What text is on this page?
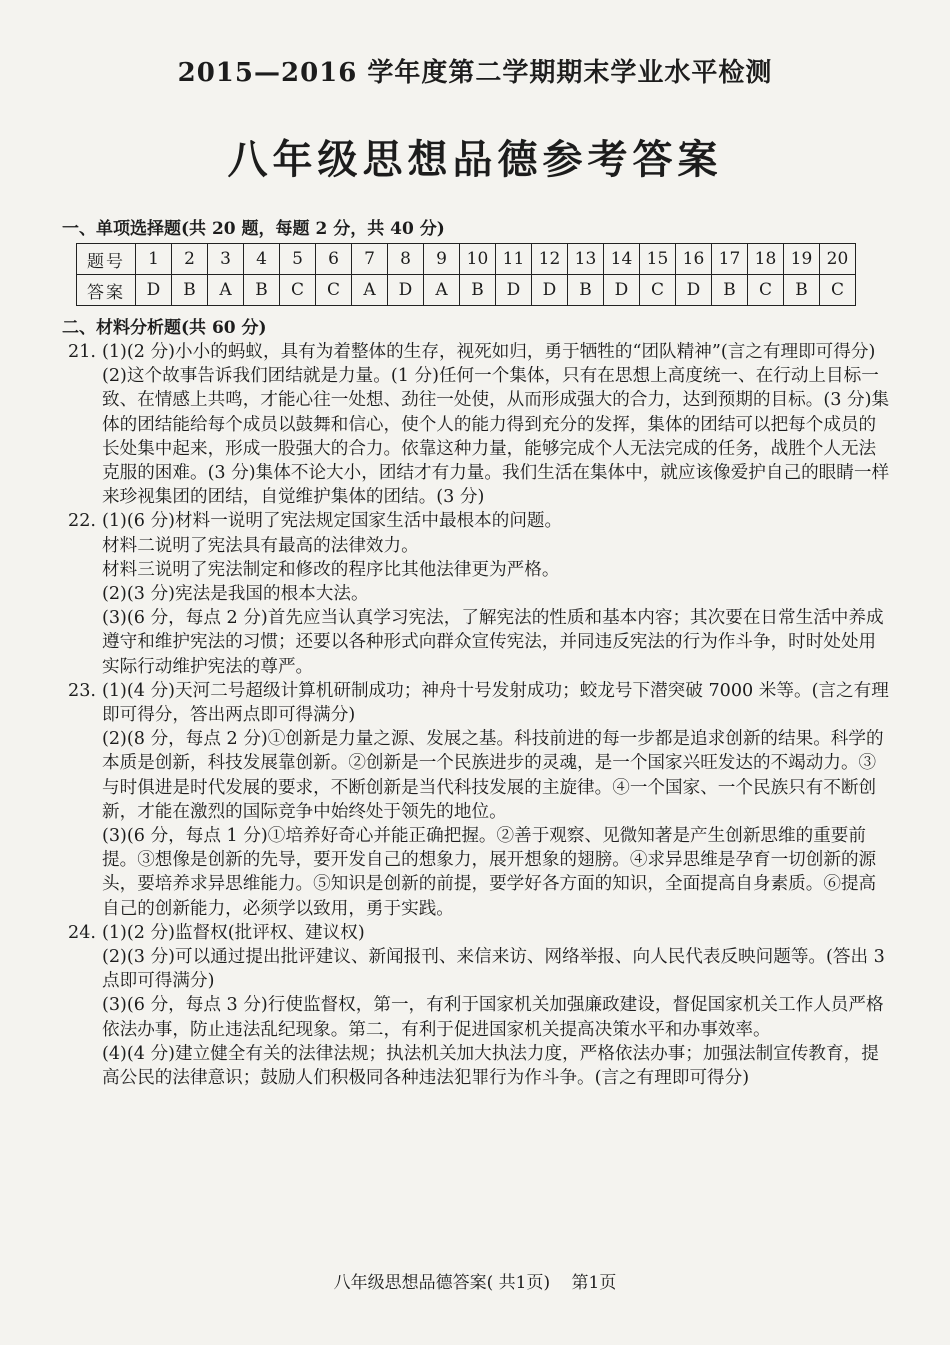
2015—2016 学年度第二学期期末学业水平检测
八年级思想品德参考答案
一、单项选择题(共 20 题，每题 2 分，共 40 分)
题号	1	2	3	4	5	6	7	8	9	10	11	12	13	14	15	16	17	18	19	20
答案	D	B	A	B	C	C	A	D	A	B	D	D	B	D	C	D	B	C	B	C
二、材料分析题(共 60 分)
21. (1)(2 分)小小的蚂蚁，具有为着整体的生存，视死如归，勇于牺牲的“团队精神”(言之有理即可得分)
(2)这个故事告诉我们团结就是力量。(1 分)任何一个集体，只有在思想上高度统一、在行动上目标一致、在情感上共鸣，才能心往一处想、劲往一处使，从而形成强大的合力，达到预期的目标。(3 分)集体的团结能给每个成员以鼓舞和信心，使个人的能力得到充分的发挥，集体的团结可以把每个成员的长处集中起来，形成一股强大的合力。依靠这种力量，能够完成个人无法完成的任务，战胜个人无法克服的困难。(3 分)集体不论大小，团结才有力量。我们生活在集体中，就应该像爱护自己的眼睛一样来珍视集团的团结，自觉维护集体的团结。(3 分)
22. (1)(6 分)材料一说明了宪法规定国家生活中最根本的问题。
材料二说明了宪法具有最高的法律效力。
材料三说明了宪法制定和修改的程序比其他法律更为严格。
(2)(3 分)宪法是我国的根本大法。
(3)(6 分，每点 2 分)首先应当认真学习宪法，了解宪法的性质和基本内容；其次要在日常生活中养成遵守和维护宪法的习惯；还要以各种形式向群众宣传宪法，并同违反宪法的行为作斗争，时时处处用实际行动维护宪法的尊严。
23. (1)(4 分)天河二号超级计算机研制成功；神舟十号发射成功；蛟龙号下潜突破 7000 米等。(言之有理即可得分，答出两点即可得满分)
(2)(8 分，每点 2 分)①创新是力量之源、发展之基。科技前进的每一步都是追求创新的结果。科学的本质是创新，科技发展靠创新。②创新是一个民族进步的灵魂，是一个国家兴旺发达的不竭动力。③与时俱进是时代发展的要求，不断创新是当代科技发展的主旋律。④一个国家、一个民族只有不断创新，才能在激烈的国际竞争中始终处于领先的地位。
(3)(6 分，每点 1 分)①培养好奇心并能正确把握。②善于观察、见微知著是产生创新思维的重要前提。③想像是创新的先导，要开发自己的想象力，展开想象的翅膀。④求异思维是孕育一切创新的源头，要培养求异思维能力。⑤知识是创新的前提，要学好各方面的知识，全面提高自身素质。⑥提高自己的创新能力，必须学以致用，勇于实践。
24. (1)(2 分)监督权(批评权、建议权)
(2)(3 分)可以通过提出批评建议、新闻报刊、来信来访、网络举报、向人民代表反映问题等。(答出 3 点即可得满分)
(3)(6 分，每点 3 分)行使监督权，第一，有利于国家机关加强廉政建设，督促国家机关工作人员严格依法办事，防止违法乱纪现象。第二，有利于促进国家机关提高决策水平和办事效率。
(4)(4 分)建立健全有关的法律法规；执法机关加大执法力度，严格依法办事；加强法制宣传教育，提高公民的法律意识；鼓励人们积极同各种违法犯罪行为作斗争。(言之有理即可得分)
八年级思想品德答案( 共1页) 第1页
